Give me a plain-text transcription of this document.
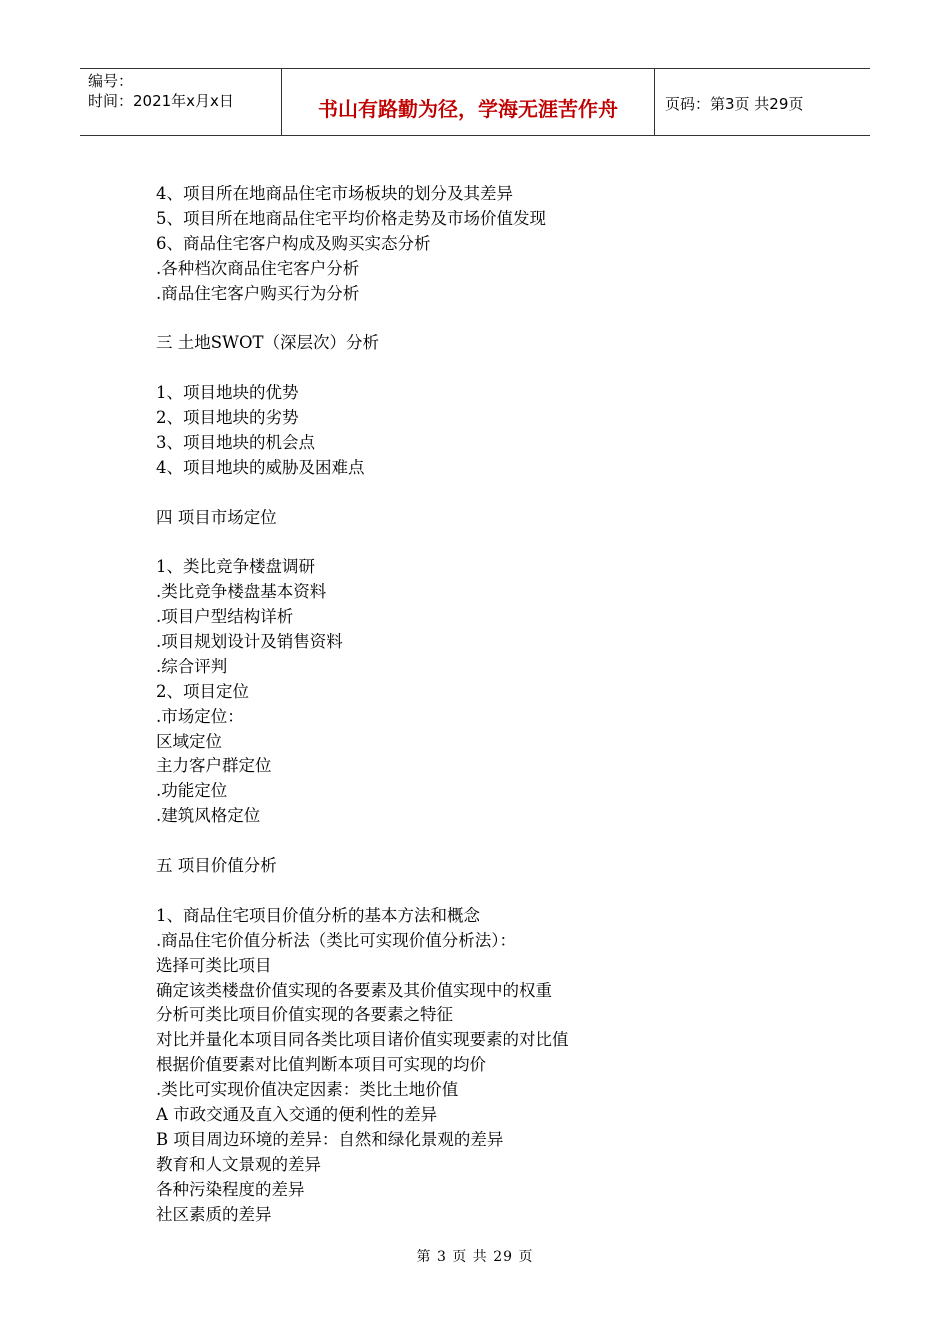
编号：
时间：2021年x月x日	书山有路勤为径，学海无涯苦作舟	页码：第3页 共29页
4、项目所在地商品住宅市场板块的划分及其差异
5、项目所在地商品住宅平均价格走势及市场价值发现
6、商品住宅客户构成及购买实态分析
.各种档次商品住宅客户分析
.商品住宅客户购买行为分析
三 土地SWOT（深层次）分析
1、项目地块的优势
2、项目地块的劣势
3、项目地块的机会点
4、项目地块的威胁及困难点
四 项目市场定位
1、类比竞争楼盘调研
.类比竞争楼盘基本资料
.项目户型结构详析
.项目规划设计及销售资料
.综合评判
2、项目定位
.市场定位：
区域定位
主力客户群定位
.功能定位
.建筑风格定位
五 项目价值分析
1、商品住宅项目价值分析的基本方法和概念
.商品住宅价值分析法（类比可实现价值分析法）：
选择可类比项目
确定该类楼盘价值实现的各要素及其价值实现中的权重
分析可类比项目价值实现的各要素之特征
对比并量化本项目同各类比项目诸价值实现要素的对比值
根据价值要素对比值判断本项目可实现的均价
.类比可实现价值决定因素：类比土地价值
A 市政交通及直入交通的便利性的差异
B 项目周边环境的差异：自然和绿化景观的差异
教育和人文景观的差异
各种污染程度的差异
社区素质的差异
第 3 页 共 29 页
